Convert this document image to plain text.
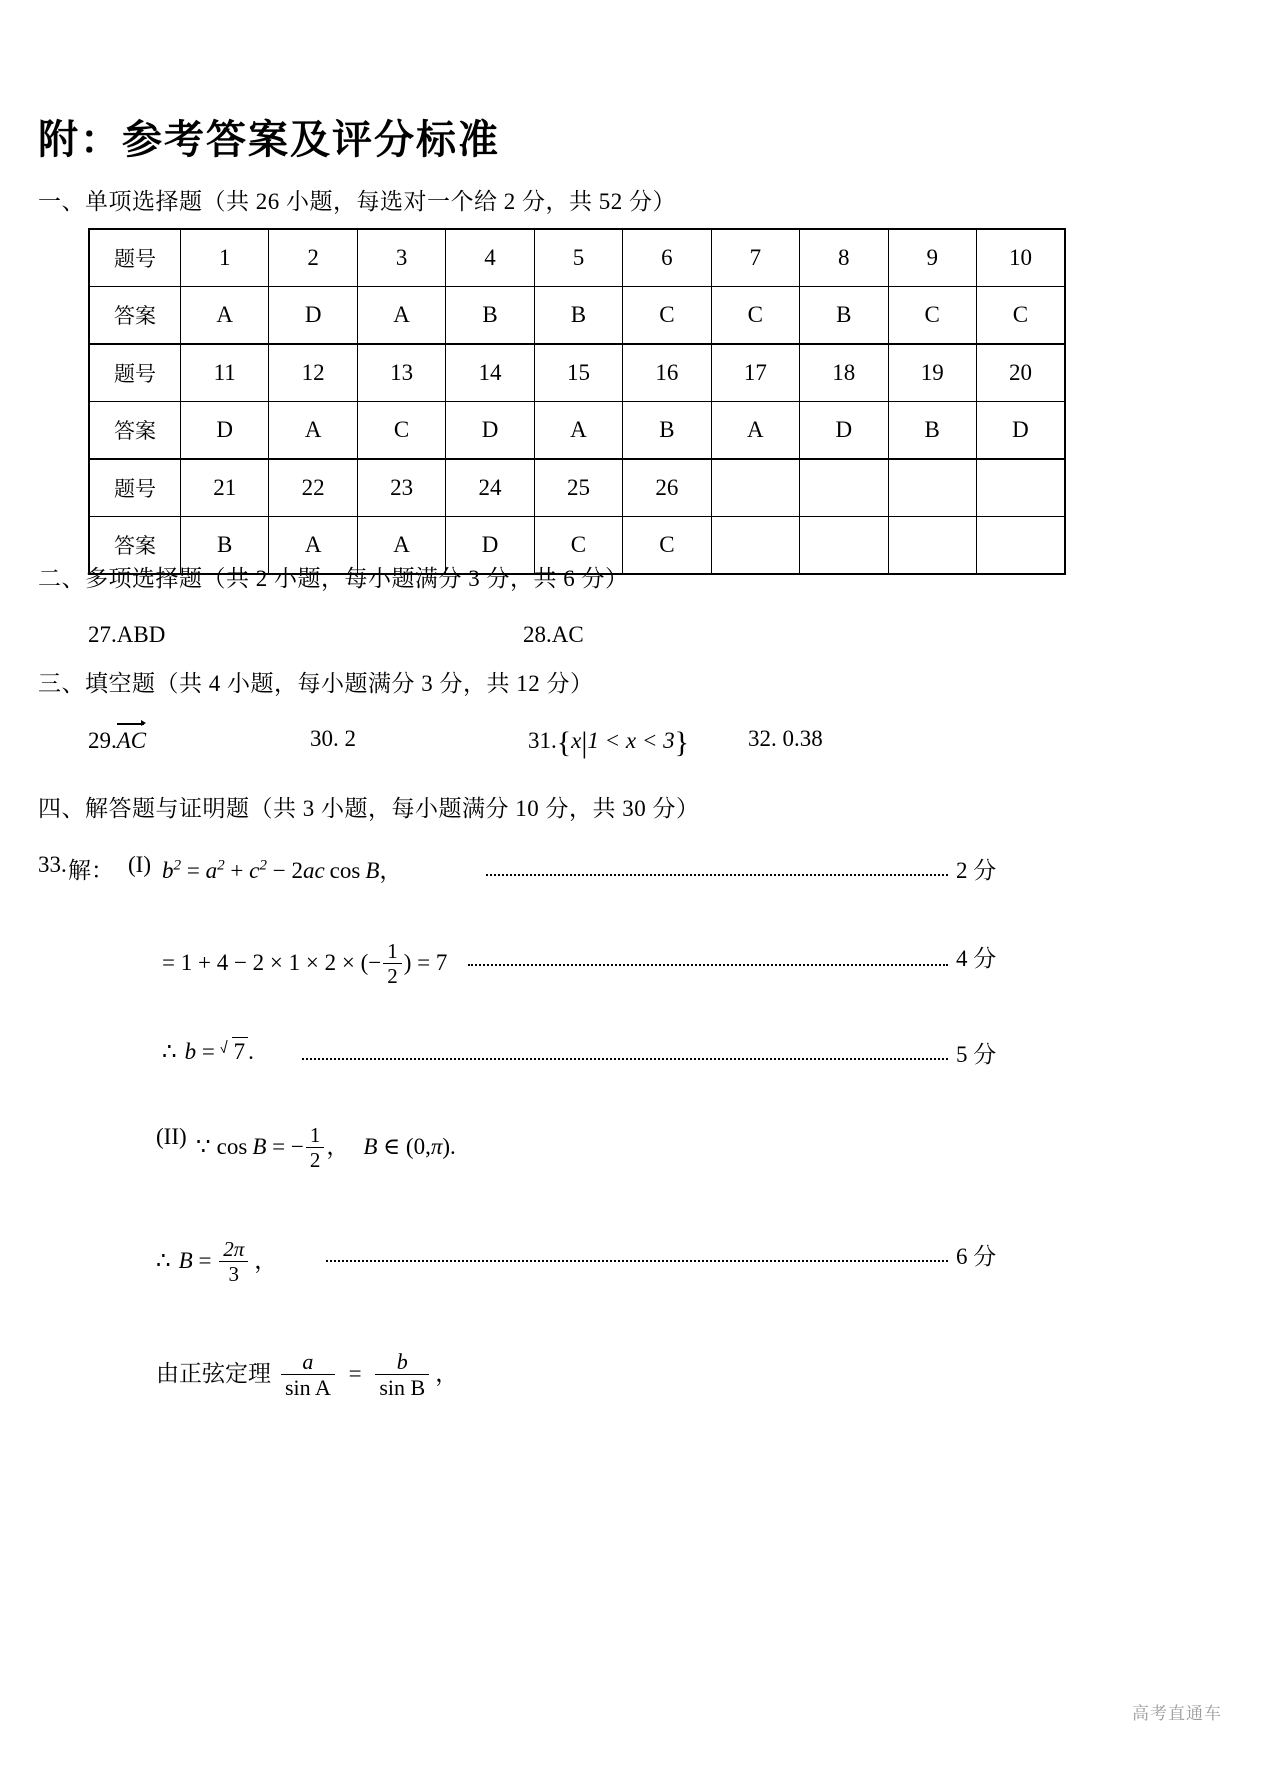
附：参考答案及评分标准
一、单项选择题（共 26 小题，每选对一个给 2 分，共 52 分）
题号	1	2	3	4	5	6	7	8	9	10
答案	A	D	A	B	B	C	C	B	C	C
题号	11	12	13	14	15	16	17	18	19	20
答案	D	A	C	D	A	B	A	D	B	D
题号	21	22	23	24	25	26				
答案	B	A	A	D	C	C				
二、多项选择题（共 2 小题，每小题满分 3 分，共 6 分）
27.ABD	28.AC
三、填空题（共 4 小题，每小题满分 3 分，共 12 分）
29.AC	30. 2	31.{x|1 < x < 3}	32. 0.38
四、解答题与证明题（共 3 小题，每小题满分 10 分，共 30 分）
33. 解： (I) $b^2 = a^2 + c^2 - 2ac$ cos B，	2 分
= 1 + 4 − 2 × 1 × 2 × (− $\frac{1}{2}$ ) = 7	4 分
∴ b = 7 .	5 分
(II) ∵ cos B = − $\frac{1}{2}$ ， B ∈ (0,π).
∴ $B = \frac{2\pi}{3}$ ，	6 分
由正弦定理 $\frac{a}{\text{sin A}} = \frac{b}{\text{sin B}}$ ，
高考直通车
